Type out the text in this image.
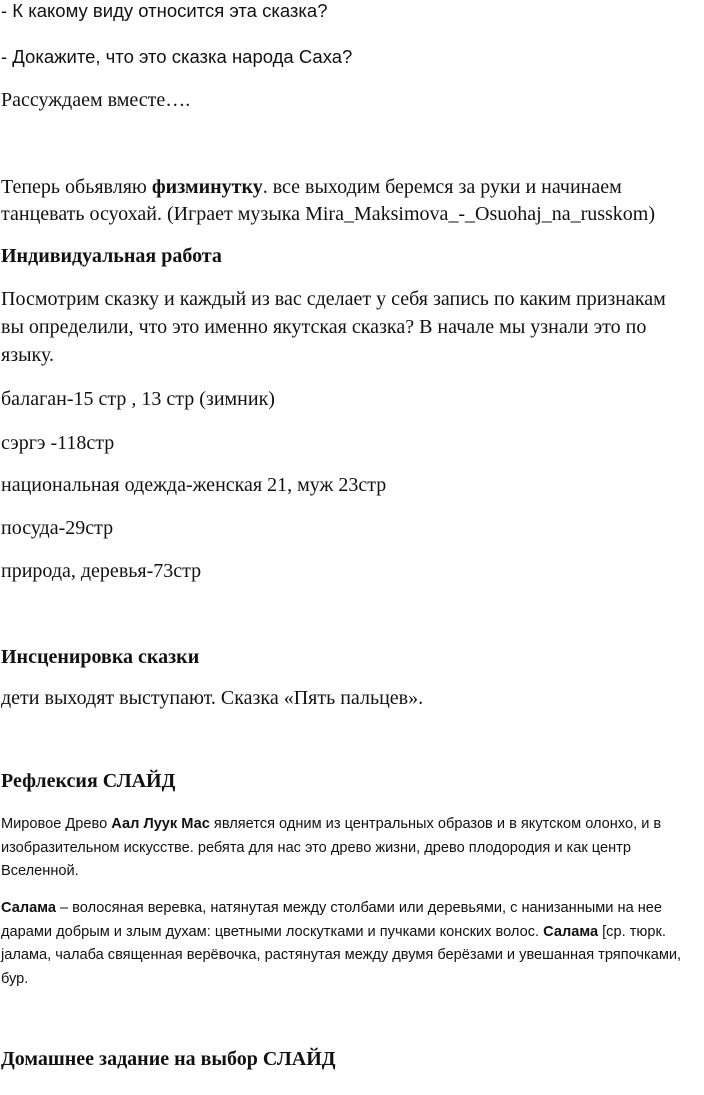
- К какому виду относится эта сказка?
- Докажите, что это сказка народа Саха?
Рассуждаем вместе….
Теперь обьявляю физминутку. все выходим беремся за руки и начинаем
танцевать осуохай. (Играет музыка Mira_Maksimova_-_Osuohaj_na_russkom)
Индивидуальная работа
Посмотрим сказку и каждый из вас сделает у себя запись по каким признакам
вы определили, что это именно якутская сказка? В начале мы узнали это по
языку.
балаган-15 стр , 13 стр (зимник)
сэргэ -118стр
национальная одежда-женская 21, муж 23стр
посуда-29стр
природа, деревья-73стр
Инсценировка сказки
дети выходят выступают. Сказка «Пять пальцев».
Рефлексия СЛАЙД
Мировое Древо Аал Луук Мас является одним из центральных образов и в якутском олонхо, и в
изобразительном искусстве. ребята для нас это древо жизни, древо плодородия и как центр
Вселенной.
Салама – волосяная веревка, натянутая между столбами или деревьями, с нанизанными на нее
дарами добрым и злым духам: цветными лоскутками и пучками конских волос. Салама [ср. тюрк.
јалама, чалаба священная верёвочка, растянутая между двумя берёзами и увешанная тряпочками,
бур.
Домашнее задание на выбор СЛАЙД
